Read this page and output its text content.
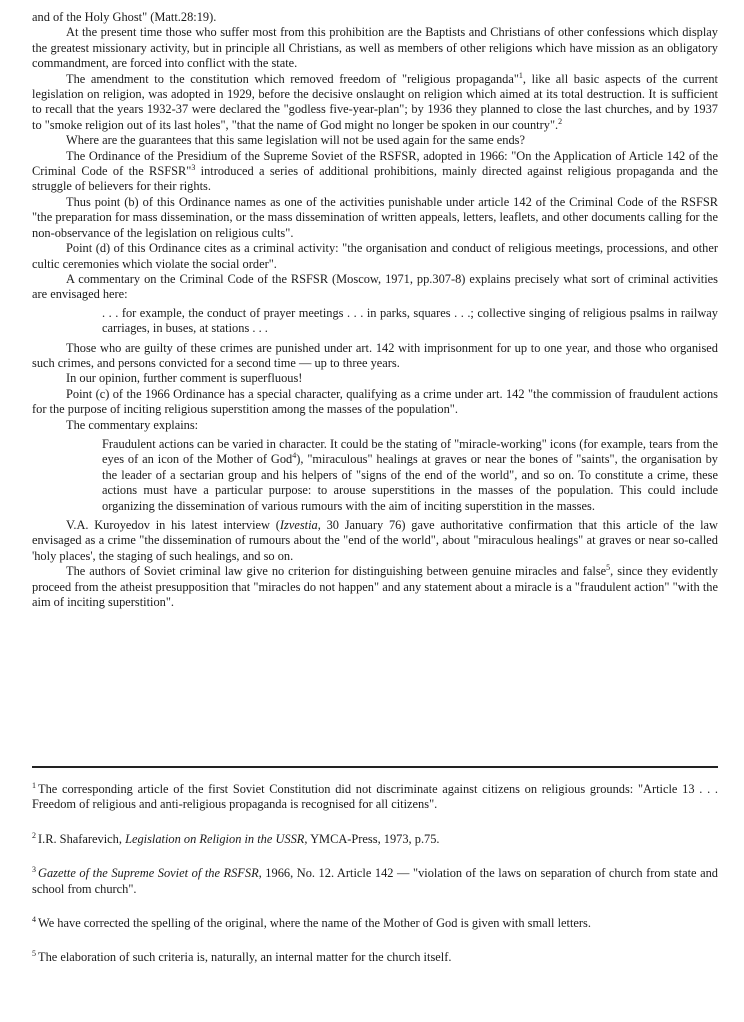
and of the Holy Ghost" (Matt.28:19).

At the present time those who suffer most from this prohibition are the Baptists and Christians of other confessions which display the greatest missionary activity, but in principle all Christians, as well as members of other religions which have mission as an obligatory commandment, are forced into conflict with the state.

The amendment to the constitution which removed freedom of "religious propaganda"$^1$, like all basic aspects of the current legislation on religion, was adopted in 1929, before the decisive onslaught on religion which aimed at its total destruction. It is sufficient to recall that the years 1932-37 were declared the "godless five-year-plan"; by 1936 they planned to close the last churches, and by 1937 to "smoke religion out of its last holes", "that the name of God might no longer be spoken in our country".$^2$

Where are the guarantees that this same legislation will not be used again for the same ends?

The Ordinance of the Presidium of the Supreme Soviet of the RSFSR, adopted in 1966: "On the Application of Article 142 of the Criminal Code of the RSFSR"$^3$ introduced a series of additional prohibitions, mainly directed against religious propaganda and the struggle of believers for their rights.

Thus point (b) of this Ordinance names as one of the activities punishable under article 142 of the Criminal Code of the RSFSR "the preparation for mass dissemination, or the mass dissemination of written appeals, letters, leaflets, and other documents calling for the non-observance of the legislation on religious cults".

Point (d) of this Ordinance cites as a criminal activity: "the organisation and conduct of religious meetings, processions, and other cultic ceremonies which violate the social order".

A commentary on the Criminal Code of the RSFSR (Moscow, 1971, pp.307-8) explains precisely what sort of criminal activities are envisaged here:

. . . for example, the conduct of prayer meetings . . . in parks, squares . . .; collective singing of religious psalms in railway carriages, in buses, at stations . . .

Those who are guilty of these crimes are punished under art. 142 with imprisonment for up to one year, and those who organised such crimes, and persons convicted for a second time — up to three years.

In our opinion, further comment is superfluous!

Point (c) of the 1966 Ordinance has a special character, qualifying as a crime under art. 142 "the commission of fraudulent actions for the purpose of inciting religious superstition among the masses of the population".

The commentary explains:

Fraudulent actions can be varied in character. It could be the stating of "miracle-working" icons (for example, tears from the eyes of an icon of the Mother of God$^4$), "miraculous" healings at graves or near the bones of "saints", the organisation by the leader of a sectarian group and his helpers of "signs of the end of the world", and so on. To constitute a crime, these actions must have a particular purpose: to arouse superstitions in the masses of the population. This could include organizing the dissemination of various rumours with the aim of inciting superstition in the masses.

V.A. Kuroyedov in his latest interview (Izvestia, 30 January 76) gave authoritative confirmation that this article of the law envisaged as a crime "the dissemination of rumours about the "end of the world", about "miraculous healings" at graves or near so-called 'holy places', the staging of such healings, and so on.

The authors of Soviet criminal law give no criterion for distinguishing between genuine miracles and false$^5$, since they evidently proceed from the atheist presupposition that "miracles do not happen" and any statement about a miracle is a "fraudulent action" "with the aim of inciting superstition".

$^1$ The corresponding article of the first Soviet Constitution did not discriminate against citizens on religious grounds: "Article 13 . . . Freedom of religious and anti-religious propaganda is recognised for all citizens".

$^2$ I.R. Shafarevich, Legislation on Religion in the USSR, YMCA-Press, 1973, p.75.

$^3$ Gazette of the Supreme Soviet of the RSFSR, 1966, No. 12. Article 142 — "violation of the laws on separation of church from state and school from church".

$^4$ We have corrected the spelling of the original, where the name of the Mother of God is given with small letters.

$^5$ The elaboration of such criteria is, naturally, an internal matter for the church itself.
